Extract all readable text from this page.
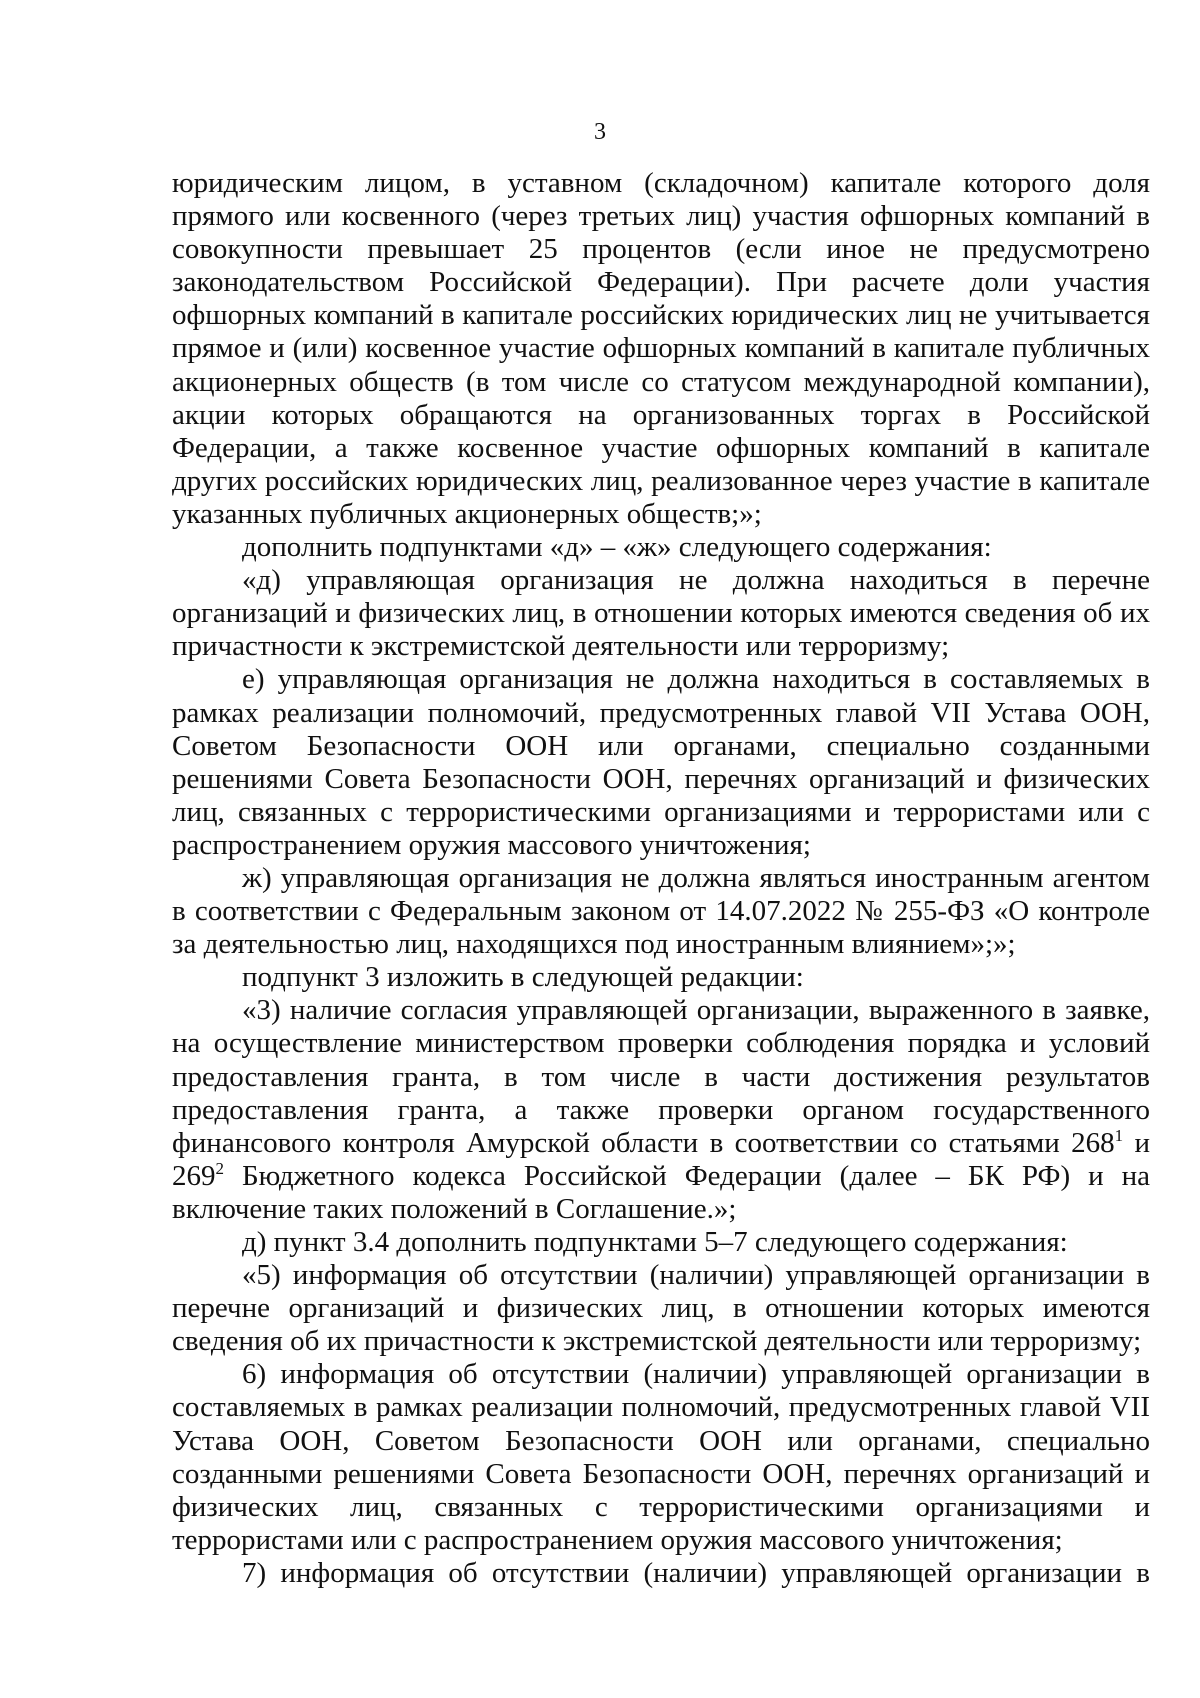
3

юридическим лицом, в уставном (складочном) капитале которого доля прямого или косвенного (через третьих лиц) участия офшорных компаний в совокупности превышает 25 процентов (если иное не предусмотрено законодательством Российской Федерации). При расчете доли участия офшорных компаний в капитале российских юридических лиц не учитывается прямое и (или) косвенное участие офшорных компаний в капитале публичных акционерных обществ (в том числе со статусом международной компании), акции которых обращаются на организованных торгах в Российской Федерации, а также косвенное участие офшорных компаний в капитале других российских юридических лиц, реализованное через участие в капитале указанных публичных акционерных обществ;»;

дополнить подпунктами «д» – «ж» следующего содержания:

«д) управляющая организация не должна находиться в перечне организаций и физических лиц, в отношении которых имеются сведения об их причастности к экстремистской деятельности или терроризму;

е) управляющая организация не должна находиться в составляемых в рамках реализации полномочий, предусмотренных главой VII Устава ООН, Советом Безопасности ООН или органами, специально созданными решениями Совета Безопасности ООН, перечнях организаций и физических лиц, связанных с террористическими организациями и террористами или с распространением оружия массового уничтожения;

ж) управляющая организация не должна являться иностранным агентом в соответствии с Федеральным законом от 14.07.2022 № 255-ФЗ «О контроле за деятельностью лиц, находящихся под иностранным влиянием»;»;

подпункт 3 изложить в следующей редакции:

«3) наличие согласия управляющей организации, выраженного в заявке, на осуществление министерством проверки соблюдения порядка и условий предоставления гранта, в том числе в части достижения результатов предоставления гранта, а также проверки органом государственного финансового контроля Амурской области в соответствии со статьями $268^1$ и $269^2$ Бюджетного кодекса Российской Федерации (далее – БК РФ) и на включение таких положений в Соглашение.»;

д) пункт 3.4 дополнить подпунктами 5–7 следующего содержания:

«5) информация об отсутствии (наличии) управляющей организации в перечне организаций и физических лиц, в отношении которых имеются сведения об их причастности к экстремистской деятельности или терроризму;

6) информация об отсутствии (наличии) управляющей организации в составляемых в рамках реализации полномочий, предусмотренных главой VII Устава ООН, Советом Безопасности ООН или органами, специально созданными решениями Совета Безопасности ООН, перечнях организаций и физических лиц, связанных с террористическими организациями и террористами или с распространением оружия массового уничтожения;

7) информация об отсутствии (наличии) управляющей организации в
